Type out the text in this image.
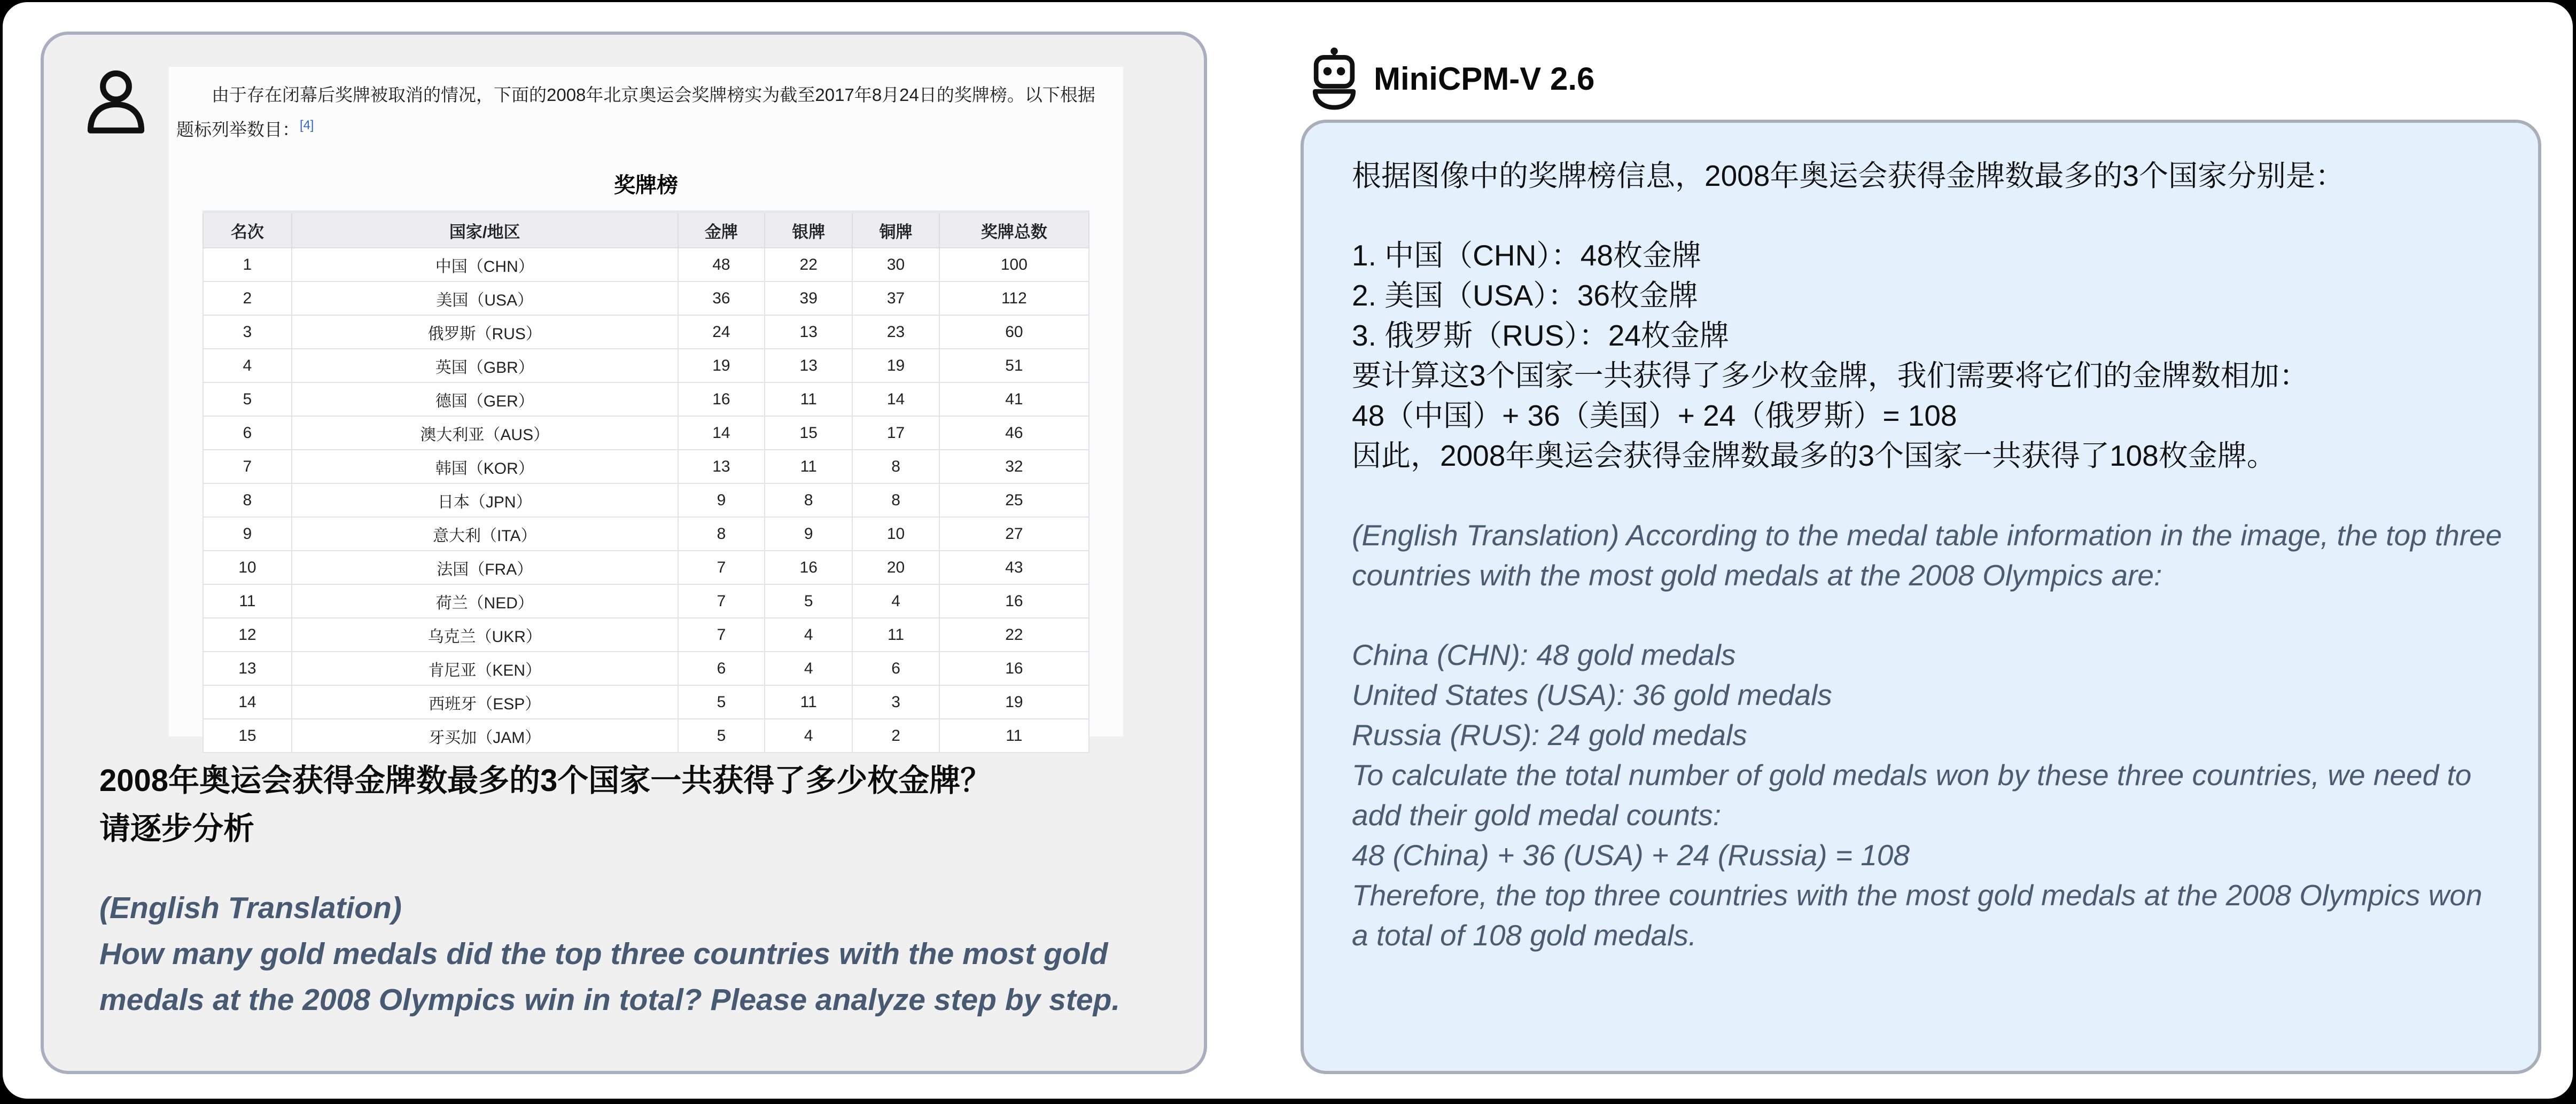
由于存在闭幕后奖牌被取消的情况，下面的2008年北京奥运会奖牌榜实为截至2017年8月24日的奖牌榜。以下根据题标列举数目：[4]

奖牌榜

名次	国家/地区	金牌	银牌	铜牌	奖牌总数
1	中国（CHN）	48	22	30	100
2	美国（USA）	36	39	37	112
3	俄罗斯（RUS）	24	13	23	60
4	英国（GBR）	19	13	19	51
5	德国（GER）	16	11	14	41
6	澳大利亚（AUS）	14	15	17	46
7	韩国（KOR）	13	11	8	32
8	日本（JPN）	9	8	8	25
9	意大利（ITA）	8	9	10	27
10	法国（FRA）	7	16	20	43
11	荷兰（NED）	7	5	4	16
12	乌克兰（UKR）	7	4	11	22
13	肯尼亚（KEN）	6	4	6	16
14	西班牙（ESP）	5	11	3	19
15	牙买加（JAM）	5	4	2	11
2008年奥运会获得金牌数最多的3个国家一共获得了多少枚金牌？
请逐步分析

(English Translation)

How many gold medals did the top three countries with the most gold medals at the 2008 Olympics win in total? Please analyze step by step.

MiniCPM-V 2.6

根据图像中的奖牌榜信息，2008年奥运会获得金牌数最多的3个国家分别是：

1. 中国（CHN）：48枚金牌
2. 美国（USA）：36枚金牌
3. 俄罗斯（RUS）：24枚金牌

要计算这3个国家一共获得了多少枚金牌，我们需要将它们的金牌数相加：

48（中国）+ 36（美国）+ 24（俄罗斯）= 108

因此，2008年奥运会获得金牌数最多的3个国家一共获得了108枚金牌。

(English Translation) According to the medal table information in the image, the top three countries with the most gold medals at the 2008 Olympics are:

China (CHN): 48 gold medals
United States (USA): 36 gold medals
Russia (RUS): 24 gold medals

To calculate the total number of gold medals won by these three countries, we need to add their gold medal counts:

48 (China) + 36 (USA) + 24 (Russia) = 108

Therefore, the top three countries with the most gold medals at the 2008 Olympics won a total of 108 gold medals.
